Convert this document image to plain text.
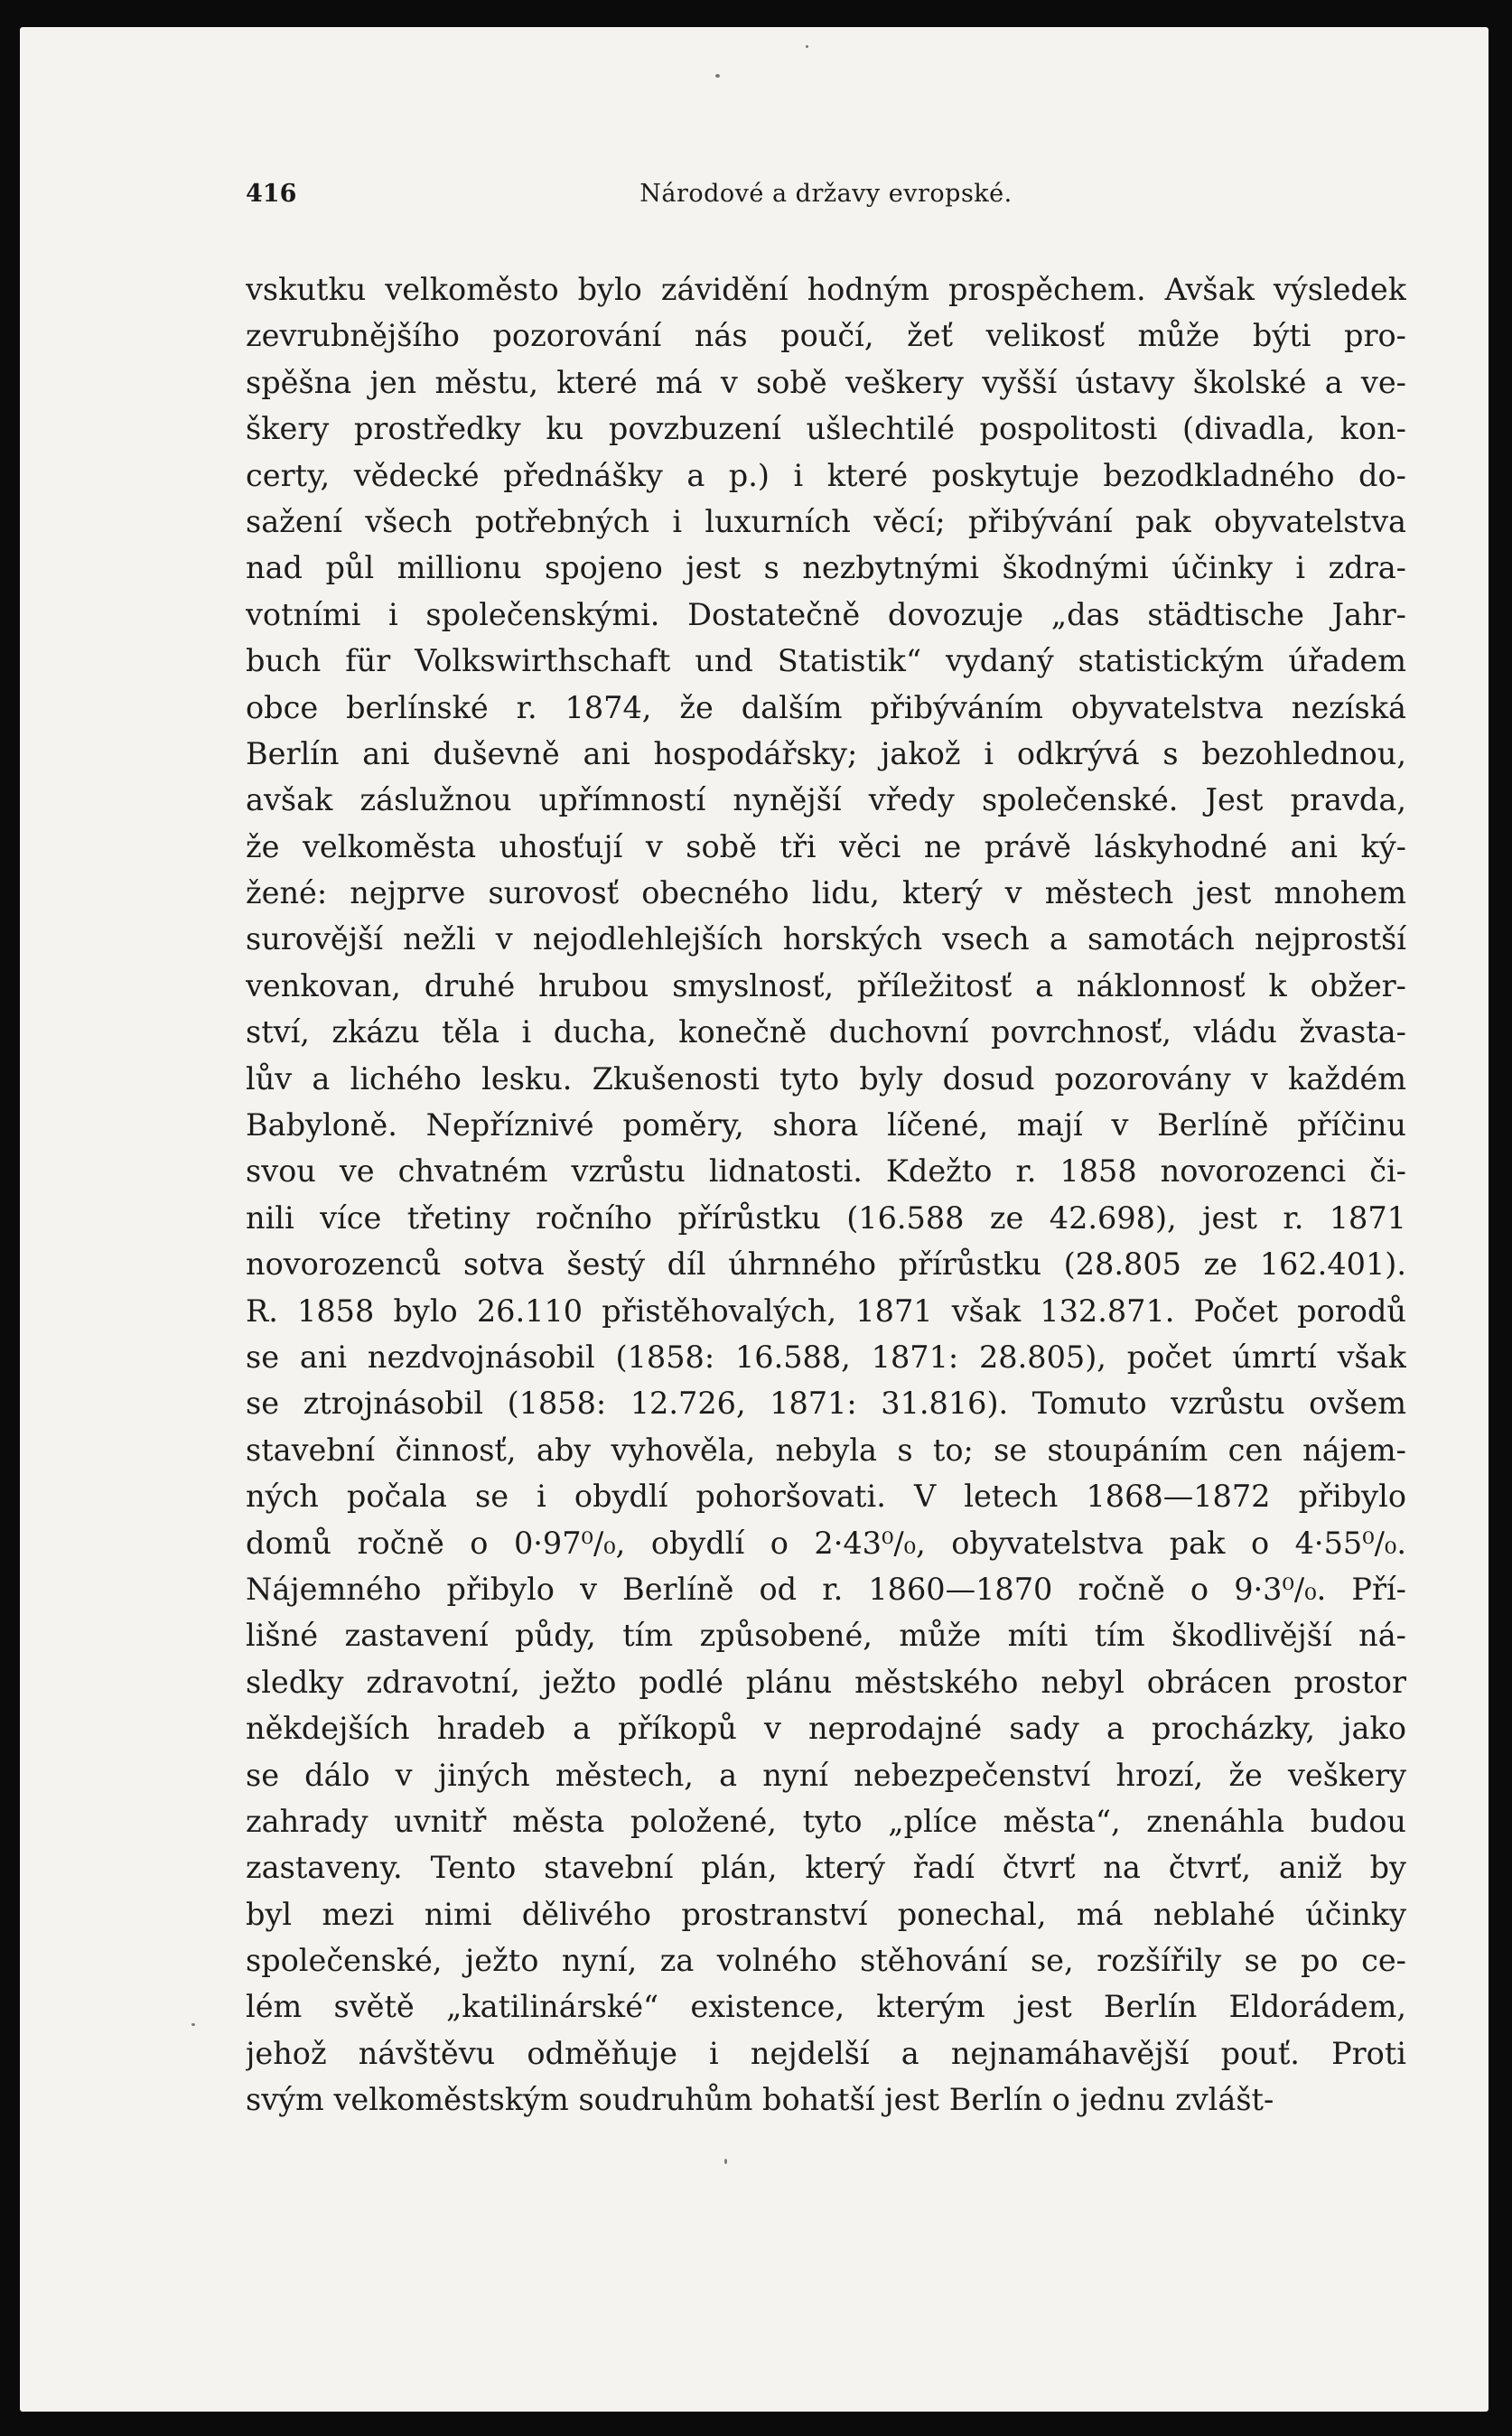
416	Národové a državy evropské.
vskutku velkoměsto bylo závidění hodným prospěchem. Avšak výsledek
zevrubnějšího pozorování nás poučí, žeť velikosť může býti pro-
spěšna jen městu, které má v sobě veškery vyšší ústavy školské a ve-
škery prostředky ku povzbuzení ušlechtilé pospolitosti (divadla, kon-
certy, vědecké přednášky a p.) i které poskytuje bezodkladného do-
sažení všech potřebných i luxurních věcí; přibývání pak obyvatelstva
nad půl millionu spojeno jest s nezbytnými škodnými účinky i zdra-
votními i společenskými. Dostatečně dovozuje „das städtische Jahr-
buch für Volkswirthschaft und Statistik“ vydaný statistickým úřadem
obce berlínské r. 1874, že dalším přibýváním obyvatelstva nezíská
Berlín ani duševně ani hospodářsky; jakož i odkrývá s bezohlednou,
avšak záslužnou upřímností nynější vředy společenské. Jest pravda,
že velkoměsta uhosťují v sobě tři věci ne právě láskyhodné ani ký-
žené: nejprve surovosť obecného lidu, který v městech jest mnohem
surovější nežli v nejodlehlejších horských vsech a samotách nejprostší
venkovan, druhé hrubou smyslnosť, příležitosť a náklonnosť k obžer-
ství, zkázu těla i ducha, konečně duchovní povrchnosť, vládu žvasta-
lův a lichého lesku. Zkušenosti tyto byly dosud pozorovány v každém
Babyloně. Nepříznivé poměry, shora líčené, mají v Berlíně příčinu
svou ve chvatném vzrůstu lidnatosti. Kdežto r. 1858 novorozenci či-
nili více třetiny ročního přírůstku (16.588 ze 42.698), jest r. 1871
novorozenců sotva šestý díl úhrnného přírůstku (28.805 ze 162.401).
R. 1858 bylo 26.110 přistěhovalých, 1871 však 132.871. Počet porodů
se ani nezdvojnásobil (1858: 16.588, 1871: 28.805), počet úmrtí však
se ztrojnásobil (1858: 12.726, 1871: 31.816). Tomuto vzrůstu ovšem
stavební činnosť, aby vyhověla, nebyla s to; se stoupáním cen nájem-
ných počala se i obydlí pohoršovati. V letech 1868—1872 přibylo
domů ročně o 0·97⁰/₀, obydlí o 2·43⁰/₀, obyvatelstva pak o 4·55⁰/₀.
Nájemného přibylo v Berlíně od r. 1860—1870 ročně o 9·3⁰/₀. Pří-
lišné zastavení půdy, tím způsobené, může míti tím škodlivější ná-
sledky zdravotní, ježto podlé plánu městského nebyl obrácen prostor
někdejších hradeb a příkopů v neprodajné sady a procházky, jako
se dálo v jiných městech, a nyní nebezpečenství hrozí, že veškery
zahrady uvnitř města položené, tyto „plíce města“, znenáhla budou
zastaveny. Tento stavební plán, který řadí čtvrť na čtvrť, aniž by
byl mezi nimi dělivého prostranství ponechal, má neblahé účinky
společenské, ježto nyní, za volného stěhování se, rozšířily se po ce-
lém světě „katilinárské“ existence, kterým jest Berlín Eldorádem,
jehož návštěvu odměňuje i nejdelší a nejnamáhavější pouť. Proti
svým velkoměstským soudruhům bohatší jest Berlín o jednu zvlášt-
